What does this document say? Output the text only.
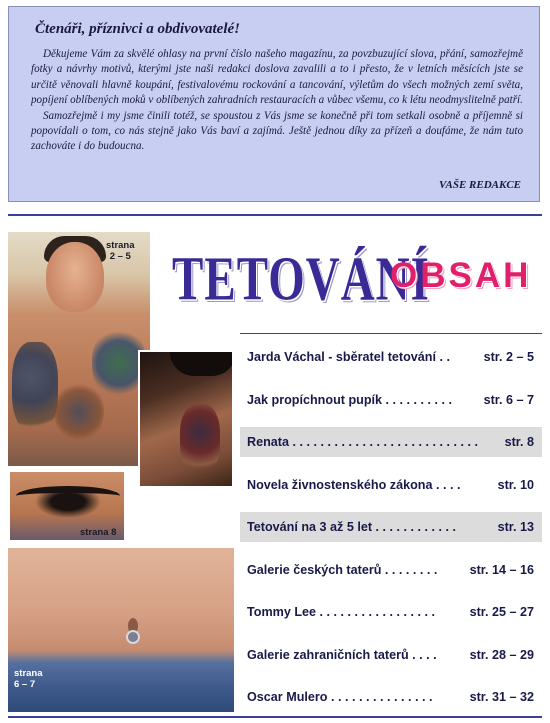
Čtenáři, příznivci a obdivovatelé!

Děkujeme Vám za skvělé ohlasy na první číslo našeho magazínu, za povzbuzující slova, přání, samozřejmě fotky a návrhy motivů, kterými jste naši redakci doslova zavalili a to i přesto, že v letních měsících jste se určitě věnovali hlavně koupání, festivalovému rockování a tancování, výletům do všech možných zemí světa, popíjení oblíbených moků v oblíbených zahradních restauracích a vůbec všemu, co k létu neodmyslitelně patří.

Samozřejmě i my jsme činili totéž, se spoustou z Vás jsme se konečně při tom setkali osobně a příjemně si popovídali o tom, co nás stejně jako Vás baví a zajímá. Ještě jednou díky za přízeň a doufáme, že nám tuto zachováte i do budoucna.

VAŠE REDAKCE
strana
2 – 5
strana
25 – 27
strana 8
strana
6 – 7
TETOVÁNÍ
OBSAH
Jarda Váchal - sběratel tetování . .	str. 2 – 5
Jak propíchnout pupík . . . . . . . . . .	str. 6 – 7
Renata . . . . . . . . . . . . . . . . . . . . . . . . . . .	str. 8
Novela živnostenského zákona . . . .	str. 10
Tetování na 3 až 5 let . . . . . . . . . . . .	str. 13
Galerie českých taterů . . . . . . . .	str. 14 – 16
Tommy Lee . . . . . . . . . . . . . . . . .	str. 25 – 27
Galerie zahraničních taterů . . . .	str. 28 – 29
Oscar Mulero . . . . . . . . . . . . . . .	str. 31 – 32
